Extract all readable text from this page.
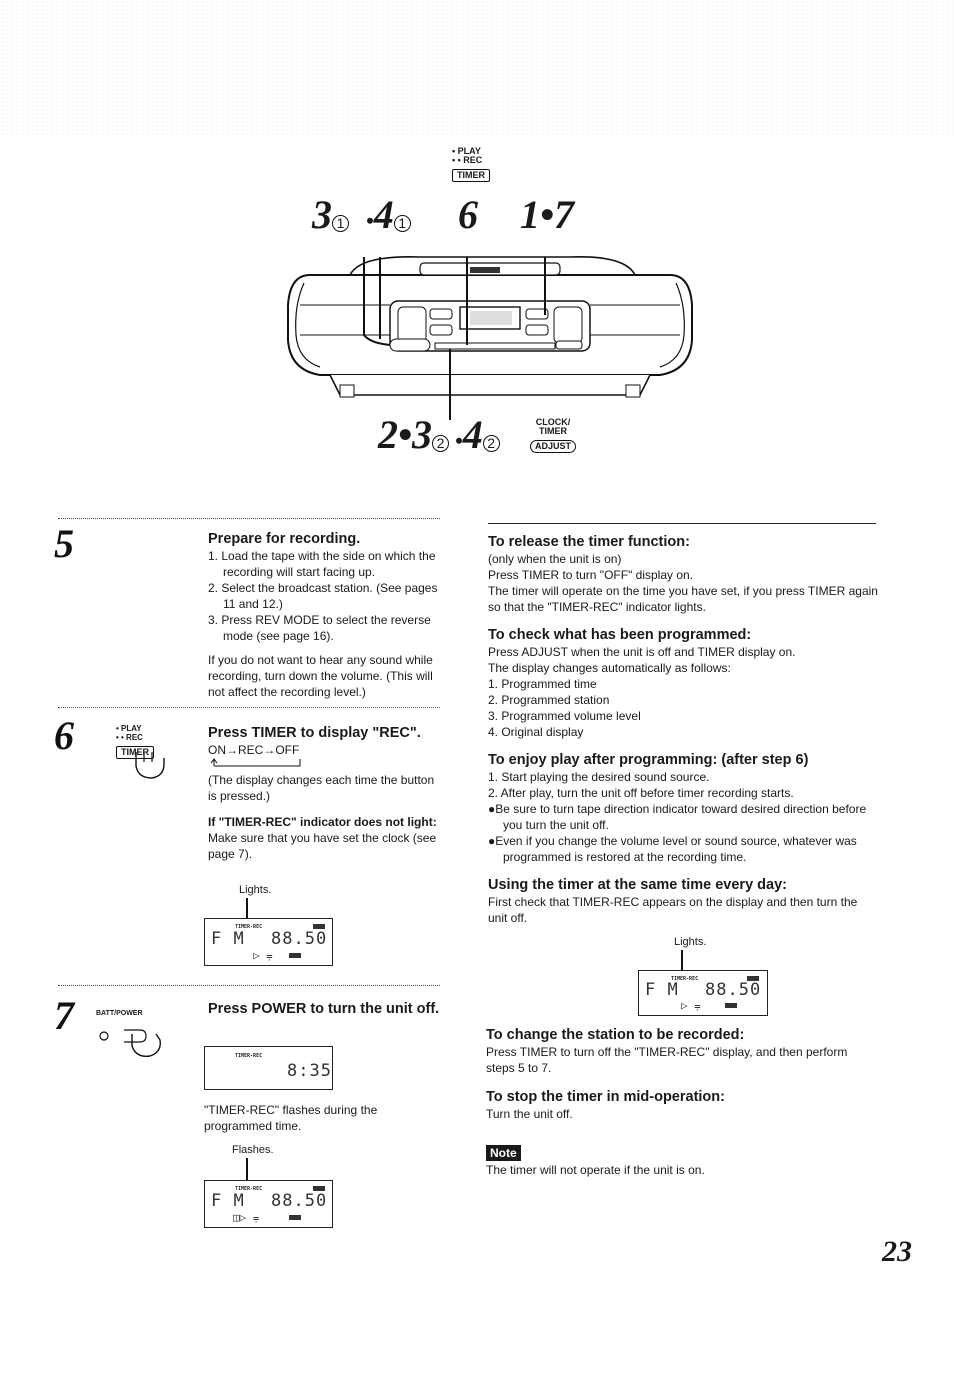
• PLAY
• • REC
TIMER
3 1 •4 1 6 1•7
2•3 2 •4 2
CLOCK/
TIMER
ADJUST
5	Prepare for recording.
1. Load the tape with the side on which the recording will start facing up.
2. Select the broadcast station. (See pages 11 and 12.)
3. Press REV MODE to select the reverse mode (see page 16).

If you do not want to hear any sound while recording, turn down the volume. (This will not affect the recording level.)

6	• PLAY
• • REC
TIMER
Press TIMER to display "REC".

ON→REC→OFF

(The display changes each time the button is pressed.)

If "TIMER-REC" indicator does not light:

Make sure that you have set the clock (see page 7).

Lights.
TIMER-REC
F M 88.50
▷ ⩦
7	BATT/POWER	Press POWER to turn the unit off.
TIMER-REC
8:35

"TIMER-REC" flashes during the programmed time.

Flashes.
TIMER-REC
F M 88.50
◫▷ ⩦
To release the timer function:

(only when the unit is on)

Press TIMER to turn "OFF" display on.

The timer will operate on the time you have set, if you press TIMER again so that the "TIMER-REC" indicator lights.

To check what has been programmed:

Press ADJUST when the unit is off and TIMER display on.

The display changes automatically as follows:

1. Programmed time
2. Programmed station
3. Programmed volume level
4. Original display
To enjoy play after programming: (after step 6)
1. Start playing the desired sound source.
2. After play, turn the unit off before timer recording starts.
●Be sure to turn tape direction indicator toward desired direction before you turn the unit off.
●Even if you change the volume level or sound source, whatever was programmed is restored at the recording time.
Using the timer at the same time every day:

First check that TIMER-REC appears on the display and then turn the unit off.

Lights.
TIMER-REC
F M 88.50
▷ ⩦
To change the station to be recorded:

Press TIMER to turn off the "TIMER-REC" display, and then perform steps 5 to 7.

To stop the timer in mid-operation:

Turn the unit off.

Note

The timer will not operate if the unit is on.

23
